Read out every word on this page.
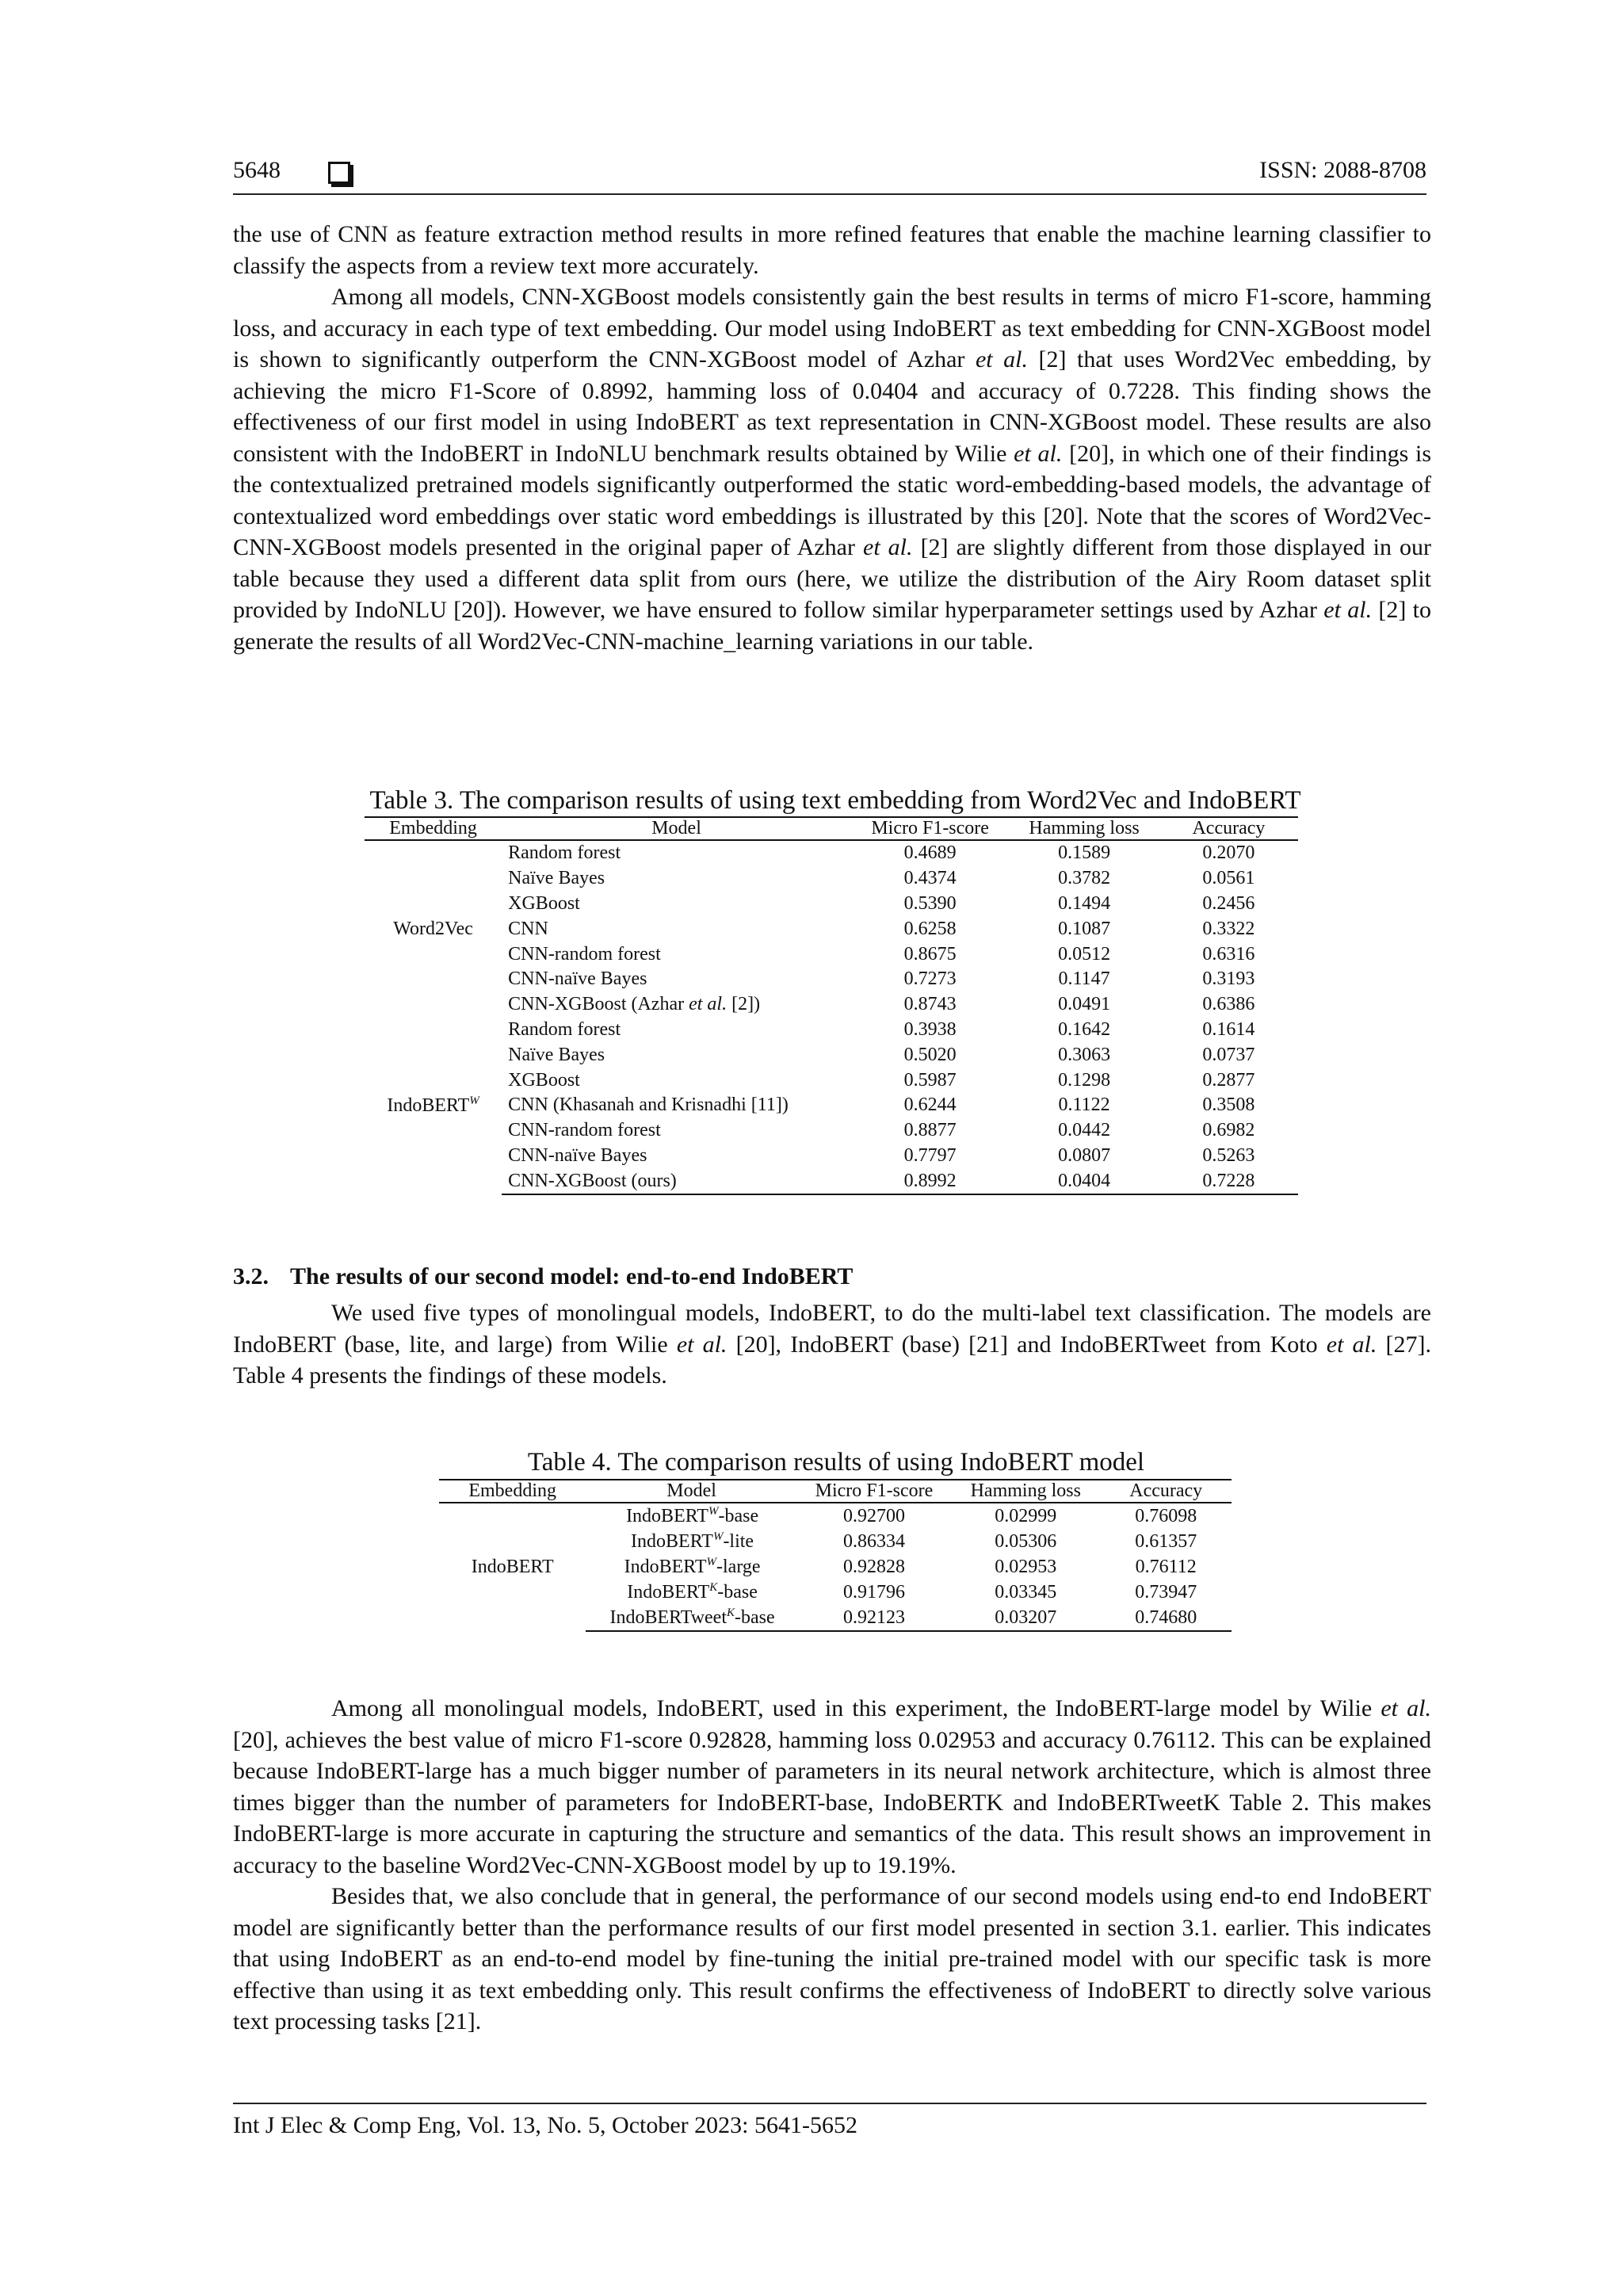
5648	ISSN: 2088-8708

the use of CNN as feature extraction method results in more refined features that enable the machine learning classifier to classify the aspects from a review text more accurately.
Among all models, CNN-XGBoost models consistently gain the best results in terms of micro F1-score, hamming loss, and accuracy in each type of text embedding. Our model using IndoBERT as text embedding for CNN-XGBoost model is shown to significantly outperform the CNN-XGBoost model of Azhar et al. [2] that uses Word2Vec embedding, by achieving the micro F1-Score of 0.8992, hamming loss of 0.0404 and accuracy of 0.7228. This finding shows the effectiveness of our first model in using IndoBERT as text representation in CNN-XGBoost model. These results are also consistent with the IndoBERT in IndoNLU benchmark results obtained by Wilie et al. [20], in which one of their findings is the contextualized pretrained models significantly outperformed the static word-embedding-based models, the advantage of contextualized word embeddings over static word embeddings is illustrated by this [20]. Note that the scores of Word2Vec-CNN-XGBoost models presented in the original paper of Azhar et al. [2] are slightly different from those displayed in our table because they used a different data split from ours (here, we utilize the distribution of the Airy Room dataset split provided by IndoNLU [20]). However, we have ensured to follow similar hyperparameter settings used by Azhar et al. [2] to generate the results of all Word2Vec-CNN-machine_learning variations in our table.

Table 3. The comparison results of using text embedding from Word2Vec and IndoBERT
Embedding	Model	Micro F1-score	Hamming loss	Accuracy
Word2Vec	Random forest	0.4689	0.1589	0.2070
	Naïve Bayes	0.4374	0.3782	0.0561
	XGBoost	0.5390	0.1494	0.2456
	CNN	0.6258	0.1087	0.3322
	CNN-random forest	0.8675	0.0512	0.6316
	CNN-naïve Bayes	0.7273	0.1147	0.3193
	CNN-XGBoost (Azhar et al. [2])	0.8743	0.0491	0.6386
IndoBERT$^W$	Random forest	0.3938	0.1642	0.1614
	Naïve Bayes	0.5020	0.3063	0.0737
	XGBoost	0.5987	0.1298	0.2877
	CNN (Khasanah and Krisnadhi [11])	0.6244	0.1122	0.3508
	CNN-random forest	0.8877	0.0442	0.6982
	CNN-naïve Bayes	0.7797	0.0807	0.5263
	CNN-XGBoost (ours)	0.8992	0.0404	0.7228
3.2. The results of our second model: end-to-end IndoBERT

We used five types of monolingual models, IndoBERT, to do the multi-label text classification. The models are IndoBERT (base, lite, and large) from Wilie et al. [20], IndoBERT (base) [21] and IndoBERTweet from Koto et al. [27]. Table 4 presents the findings of these models.

Table 4. The comparison results of using IndoBERT model
Embedding	Model	Micro F1-score	Hamming loss	Accuracy
IndoBERT	IndoBERT$^W$-base	0.92700	0.02999	0.76098
	IndoBERT$^W$-lite	0.86334	0.05306	0.61357
	IndoBERT$^W$-large	0.92828	0.02953	0.76112
	IndoBERT$^K$-base	0.91796	0.03345	0.73947
	IndoBERTweet$^K$-base	0.92123	0.03207	0.74680

Among all monolingual models, IndoBERT, used in this experiment, the IndoBERT-large model by Wilie et al. [20], achieves the best value of micro F1-score 0.92828, hamming loss 0.02953 and accuracy 0.76112. This can be explained because IndoBERT-large has a much bigger number of parameters in its neural network architecture, which is almost three times bigger than the number of parameters for IndoBERT-base, IndoBERTK and IndoBERTweetK Table 2. This makes IndoBERT-large is more accurate in capturing the structure and semantics of the data. This result shows an improvement in accuracy to the baseline Word2Vec-CNN-XGBoost model by up to 19.19%.
Besides that, we also conclude that in general, the performance of our second models using end-to end IndoBERT model are significantly better than the performance results of our first model presented in section 3.1. earlier. This indicates that using IndoBERT as an end-to-end model by fine-tuning the initial pre-trained model with our specific task is more effective than using it as text embedding only. This result confirms the effectiveness of IndoBERT to directly solve various text processing tasks [21].

Int J Elec & Comp Eng, Vol. 13, No. 5, October 2023: 5641-5652
